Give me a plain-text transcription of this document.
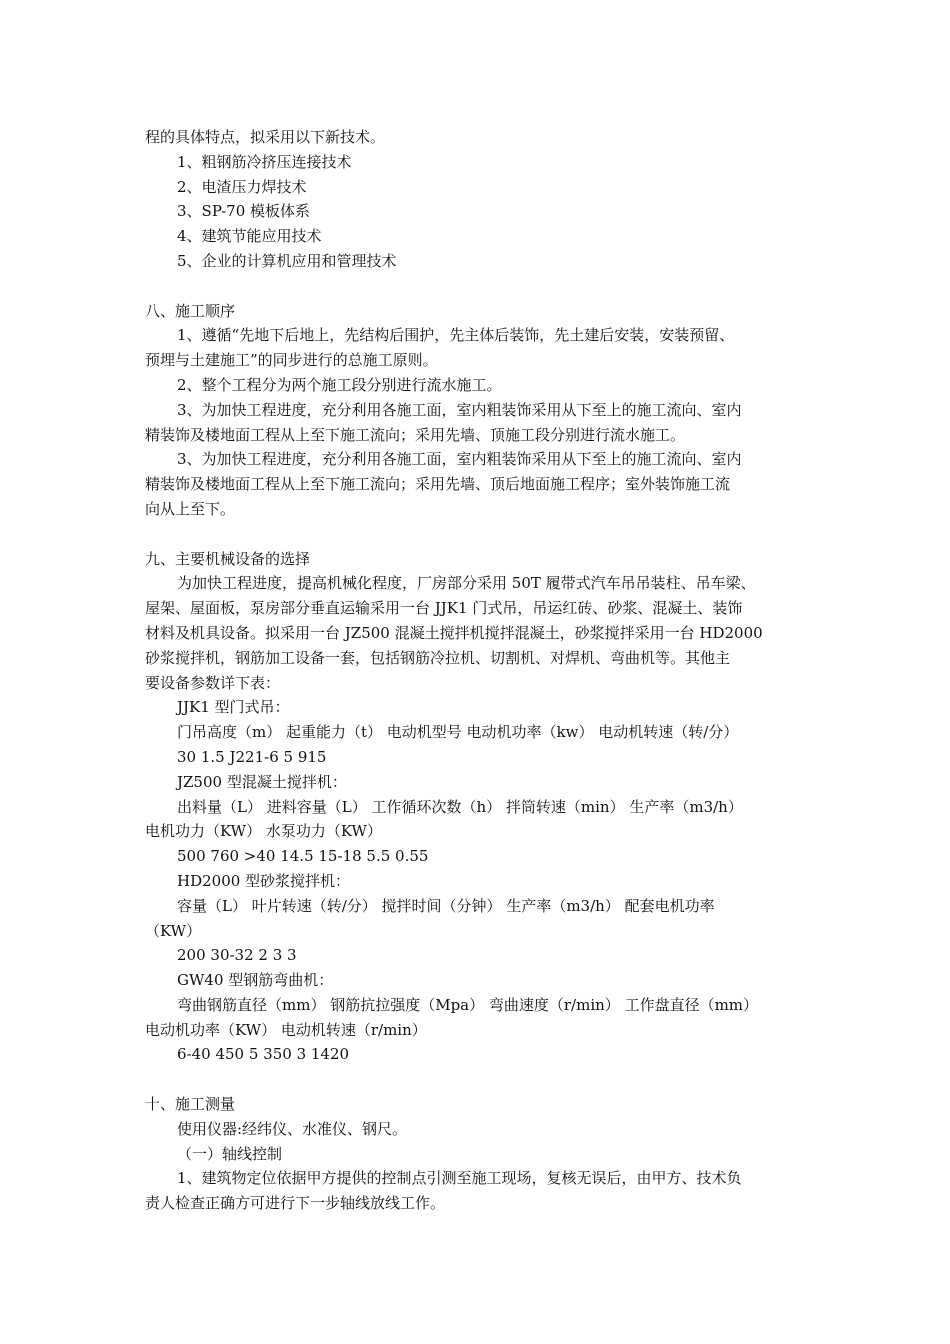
程的具体特点，拟采用以下新技术。

1、粗钢筋冷挤压连接技术

2、电渣压力焊技术

3、SP-70 模板体系

4、建筑节能应用技术

5、企业的计算机应用和管理技术

八、施工顺序

1、遵循“先地下后地上，先结构后围护，先主体后装饰，先土建后安装，安装预留、

预埋与土建施工”的同步进行的总施工原则。

2、整个工程分为两个施工段分别进行流水施工。

3、为加快工程进度，充分利用各施工面，室内粗装饰采用从下至上的施工流向、室内

精装饰及楼地面工程从上至下施工流向；采用先墙、顶施工段分别进行流水施工。

3、为加快工程进度，充分利用各施工面，室内粗装饰采用从下至上的施工流向、室内

精装饰及楼地面工程从上至下施工流向；采用先墙、顶后地面施工程序；室外装饰施工流

向从上至下。

九、主要机械设备的选择

为加快工程进度，提高机械化程度，厂房部分采用 50T 履带式汽车吊吊装柱、吊车梁、

屋架、屋面板，泵房部分垂直运输采用一台 JJK1 门式吊，吊运红砖、砂浆、混凝土、装饰

材料及机具设备。拟采用一台 JZ500 混凝土搅拌机搅拌混凝土，砂浆搅拌采用一台 HD2000

砂浆搅拌机，钢筋加工设备一套，包括钢筋冷拉机、切割机、对焊机、弯曲机等。其他主

要设备参数详下表：

JJK1 型门式吊：

门吊高度（m） 起重能力（t） 电动机型号 电动机功率（kw） 电动机转速（转/分）

30 1.5 J221-6 5 915

JZ500 型混凝土搅拌机：

出料量（L） 进料容量（L） 工作循环次数（h） 拌筒转速（min） 生产率（m3/h）

电机功力（KW） 水泵功力（KW）

500 760 >40 14.5 15-18 5.5 0.55

HD2000 型砂浆搅拌机：

容量（L） 叶片转速（转/分） 搅拌时间（分钟） 生产率（m3/h） 配套电机功率

（KW）

200 30-32 2 3 3

GW40 型钢筋弯曲机：

弯曲钢筋直径（mm） 钢筋抗拉强度（Mpa） 弯曲速度（r/min） 工作盘直径（mm）

电动机功率（KW） 电动机转速（r/min）

6-40 450 5 350 3 1420

十、施工测量

使用仪器:经纬仪、水准仪、钢尺。

（一）轴线控制

1、建筑物定位依据甲方提供的控制点引测至施工现场，复核无误后，由甲方、技术负

责人检查正确方可进行下一步轴线放线工作。
